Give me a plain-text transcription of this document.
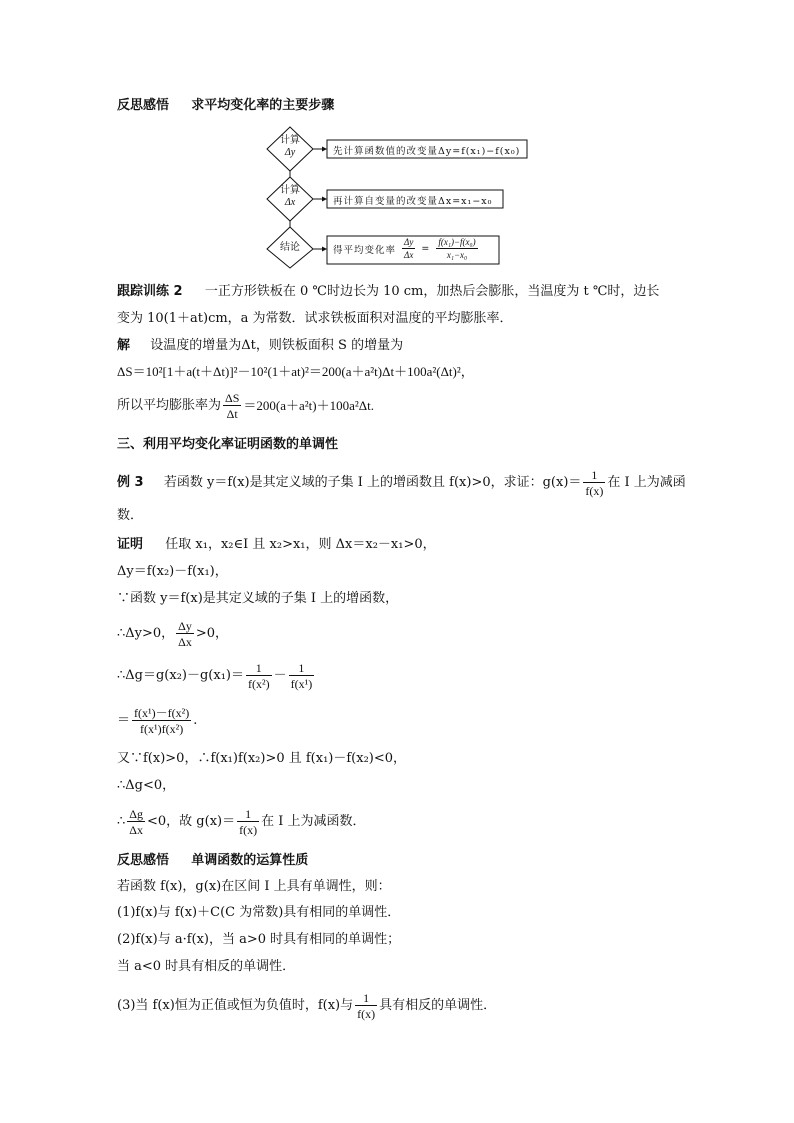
反思感悟 求平均变化率的主要步骤
计算
Δy
计算
Δx
结论
先计算函数值的改变量Δy=f(x₁)−f(x₀)
再计算自变量的改变量Δx=x₁−x₀
得平均变化率 $\frac{\Delta y}{\Delta x} = \frac{\text{f(x₁)−f(x₀)}}{\text{x₁−x₀}}$
跟踪训练 2 一正方形铁板在 0 ℃时边长为 10 cm，加热后会膨胀，当温度为 t ℃时，边长
变为 10(1＋at)cm，a 为常数．试求铁板面积对温度的平均膨胀率．
解 设温度的增量为Δt，则铁板面积 S 的增量为
ΔS＝10²[1＋a(t＋Δt)]²－10²(1＋at)²＝200(a＋a²t)Δt＋100a²(Δt)²，
所以平均膨胀率为 $\frac{\Delta S}{\Delta t} =200(a+a^2t)+100a^2\Delta t$.
三、利用平均变化率证明函数的单调性
例 3 若函数 y＝f(x)是其定义域的子集 I 上的增函数且 f(x)>0，求证：$g(x)= \frac{1}{f(x)}$ 在 I 上为减函
数．
证明 任取 x₁，x₂∈I 且 x₂>x₁，则 Δx＝x₂－x₁>0，
Δy＝f(x₂)－f(x₁)，
∵函数 y＝f(x)是其定义域的子集 I 上的增函数，
∴Δy>0， $\frac{\Delta y}{\Delta x} >0$，
∴Δg＝g(x₂)－g(x₁)＝ $\frac{1}{\text{f(x²)}} - \frac{1}{\text{f(x¹)}}$
＝ $\frac{\text{f(x¹)－f(x²)}}{\text{f(x¹)f(x²)}}$ .
又∵f(x)>0，∴f(x₁)f(x₂)>0 且 f(x₁)－f(x₂)<0，
∴Δg<0，
∴ $\frac{\Delta g}{\Delta x} <0$，故 $g(x)= \frac{1}{f(x)}$ 在 I 上为减函数．
反思感悟 单调函数的运算性质
若函数 f(x)，g(x)在区间 I 上具有单调性，则：
(1)f(x)与 f(x)＋C(C 为常数)具有相同的单调性．
(2)f(x)与 a·f(x)，当 a>0 时具有相同的单调性；
当 a<0 时具有相反的单调性．
(3)当 f(x)恒为正值或恒为负值时，f(x)与 $\frac{1}{f(x)}$ 具有相反的单调性．
